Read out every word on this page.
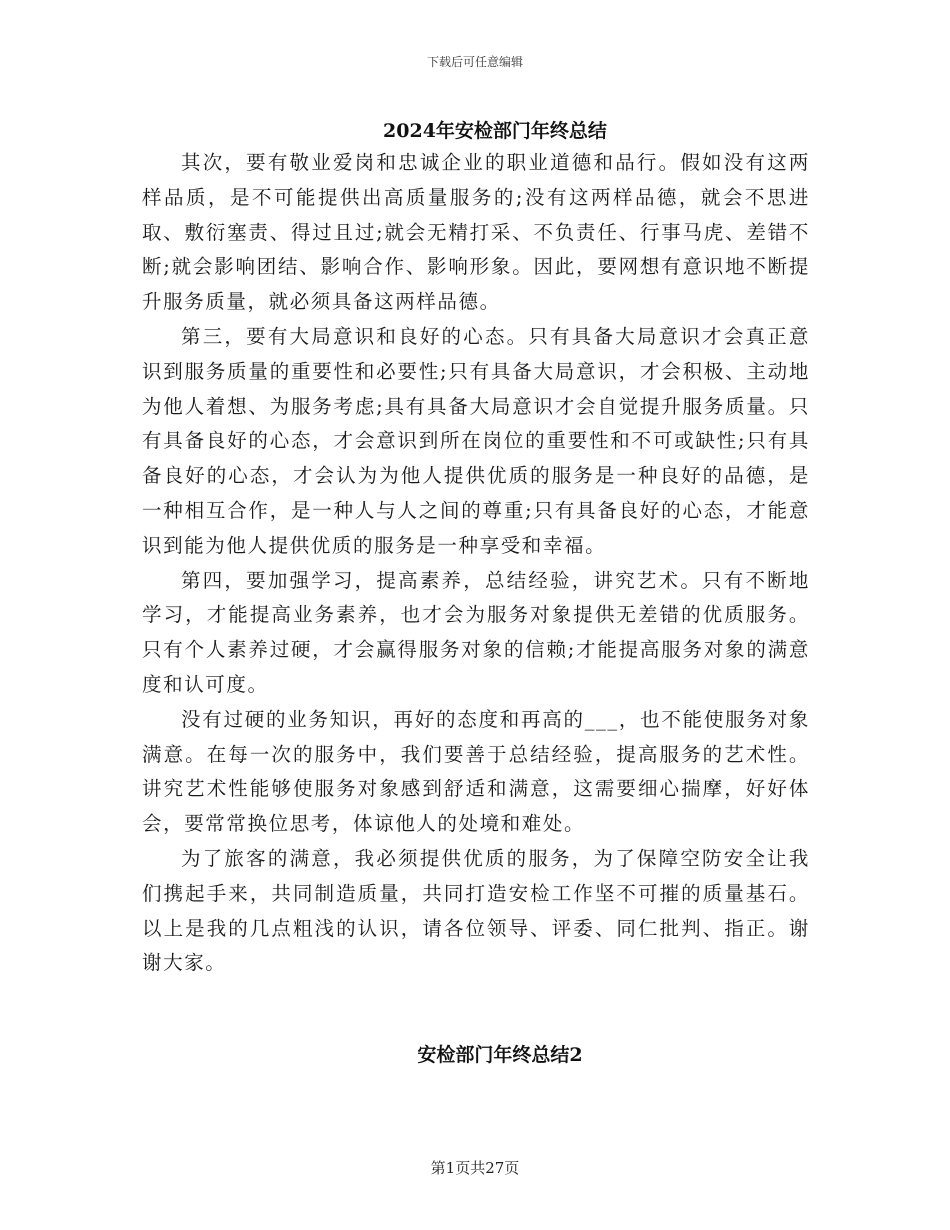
下载后可任意编辑
2024年安检部门年终总结

其次，要有敬业爱岗和忠诚企业的职业道德和品行。假如没有这两样品质，是不可能提供出高质量服务的;没有这两样品德，就会不思进取、敷衍塞责、得过且过;就会无精打采、不负责任、行事马虎、差错不断;就会影响团结、影响合作、影响形象。因此，要网想有意识地不断提升服务质量，就必须具备这两样品德。

第三，要有大局意识和良好的心态。只有具备大局意识才会真正意识到服务质量的重要性和必要性;只有具备大局意识，才会积极、主动地为他人着想、为服务考虑;具有具备大局意识才会自觉提升服务质量。只有具备良好的心态，才会意识到所在岗位的重要性和不可或缺性;只有具备良好的心态，才会认为为他人提供优质的服务是一种良好的品德，是一种相互合作，是一种人与人之间的尊重;只有具备良好的心态，才能意识到能为他人提供优质的服务是一种享受和幸福。

第四，要加强学习，提高素养，总结经验，讲究艺术。只有不断地学习，才能提高业务素养，也才会为服务对象提供无差错的优质服务。只有个人素养过硬，才会赢得服务对象的信赖;才能提高服务对象的满意度和认可度。

没有过硬的业务知识，再好的态度和再高的___，也不能使服务对象满意。在每一次的服务中，我们要善于总结经验，提高服务的艺术性。讲究艺术性能够使服务对象感到舒适和满意，这需要细心揣摩，好好体会，要常常换位思考，体谅他人的处境和难处。

为了旅客的满意，我必须提供优质的服务，为了保障空防安全让我们携起手来，共同制造质量，共同打造安检工作坚不可摧的质量基石。以上是我的几点粗浅的认识，请各位领导、评委、同仁批判、指正。谢谢大家。

安检部门年终总结2
第1页共27页
